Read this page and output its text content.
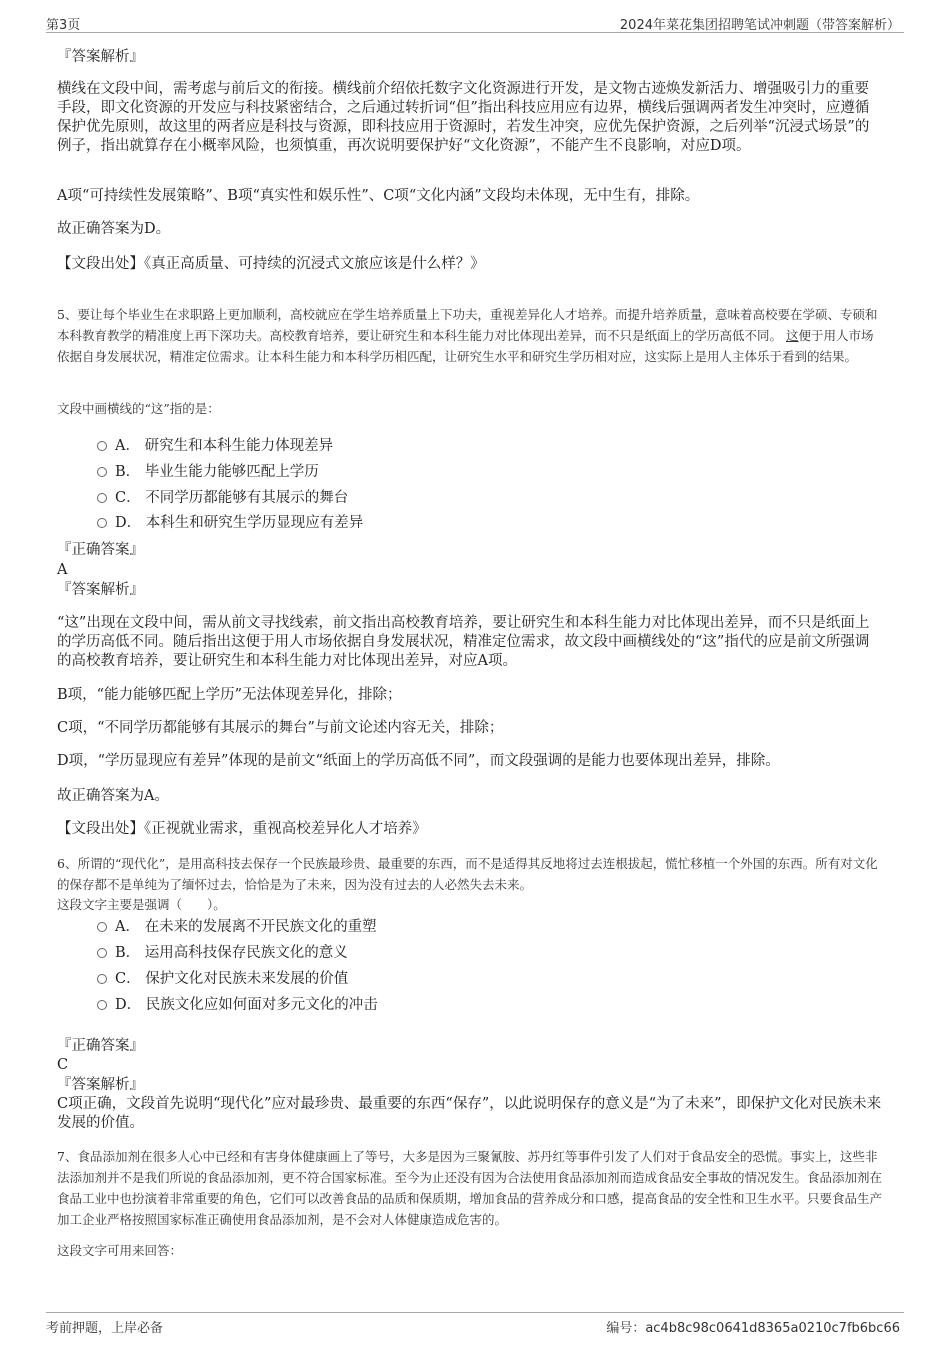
第3页	2024年菜花集团招聘笔试冲刺题（带答案解析）
『答案解析』
横线在文段中间，需考虑与前后文的衔接。横线前介绍依托数字文化资源进行开发，是文物古迹焕发新活力、增强吸引力的重要手段，即文化资源的开发应与科技紧密结合，之后通过转折词“但”指出科技应用应有边界，横线后强调两者发生冲突时，应遵循保护优先原则，故这里的两者应是科技与资源，即科技应用于资源时，若发生冲突，应优先保护资源，之后列举“沉浸式场景”的例子，指出就算存在小概率风险，也须慎重，再次说明要保护好“文化资源”，不能产生不良影响，对应D项。
A项“可持续性发展策略”、B项“真实性和娱乐性”、C项“文化内涵”文段均未体现，无中生有，排除。
故正确答案为D。
【文段出处】《真正高质量、可持续的沉浸式文旅应该是什么样？》
5、要让每个毕业生在求职路上更加顺利，高校就应在学生培养质量上下功夫，重视差异化人才培养。而提升培养质量，意味着高校要在学硕、专硕和本科教育教学的精准度上再下深功夫。高校教育培养，要让研究生和本科生能力对比体现出差异，而不只是纸面上的学历高低不同。 这便于用人市场依据自身发展状况，精准定位需求。让本科生能力和本科学历相匹配，让研究生水平和研究生学历相对应，这实际上是用人主体乐于看到的结果。
文段中画横线的“这”指的是：
A． 研究生和本科生能力体现差异
B． 毕业生能力能够匹配上学历
C． 不同学历都能够有其展示的舞台
D． 本科生和研究生学历显现应有差异
『正确答案』
A
『答案解析』
“这”出现在文段中间，需从前文寻找线索，前文指出高校教育培养，要让研究生和本科生能力对比体现出差异，而不只是纸面上的学历高低不同。随后指出这便于用人市场依据自身发展状况，精准定位需求，故文段中画横线处的“这”指代的应是前文所强调的高校教育培养，要让研究生和本科生能力对比体现出差异，对应A项。
B项，“能力能够匹配上学历”无法体现差异化，排除；
C项，“不同学历都能够有其展示的舞台”与前文论述内容无关，排除；
D项，“学历显现应有差异”体现的是前文“纸面上的学历高低不同”，而文段强调的是能力也要体现出差异，排除。
故正确答案为A。
【文段出处】《正视就业需求，重视高校差异化人才培养》
6、所谓的“现代化”，是用高科技去保存一个民族最珍贵、最重要的东西，而不是适得其反地将过去连根拔起，慌忙移植一个外国的东西。所有对文化的保存都不是单纯为了缅怀过去，恰恰是为了未来，因为没有过去的人必然失去未来。
这段文字主要是强调（　　）。
A． 在未来的发展离不开民族文化的重塑
B． 运用高科技保存民族文化的意义
C． 保护文化对民族未来发展的价值
D． 民族文化应如何面对多元文化的冲击
『正确答案』
C
『答案解析』
C项正确，文段首先说明“现代化”应对最珍贵、最重要的东西“保存”，以此说明保存的意义是“为了未来”，即保护文化对民族未来发展的价值。
7、食品添加剂在很多人心中已经和有害身体健康画上了等号，大多是因为三聚氰胺、苏丹红等事件引发了人们对于食品安全的恐慌。事实上，这些非法添加剂并不是我们所说的食品添加剂，更不符合国家标准。至今为止还没有因为合法使用食品添加剂而造成食品安全事故的情况发生。食品添加剂在食品工业中也扮演着非常重要的角色，它们可以改善食品的品质和保质期，增加食品的营养成分和口感，提高食品的安全性和卫生水平。只要食品生产加工企业严格按照国家标准正确使用食品添加剂，是不会对人体健康造成危害的。
这段文字可用来回答：
考前押题，上岸必备	编号：ac4b8c98c0641d8365a0210c7fb6bc66
